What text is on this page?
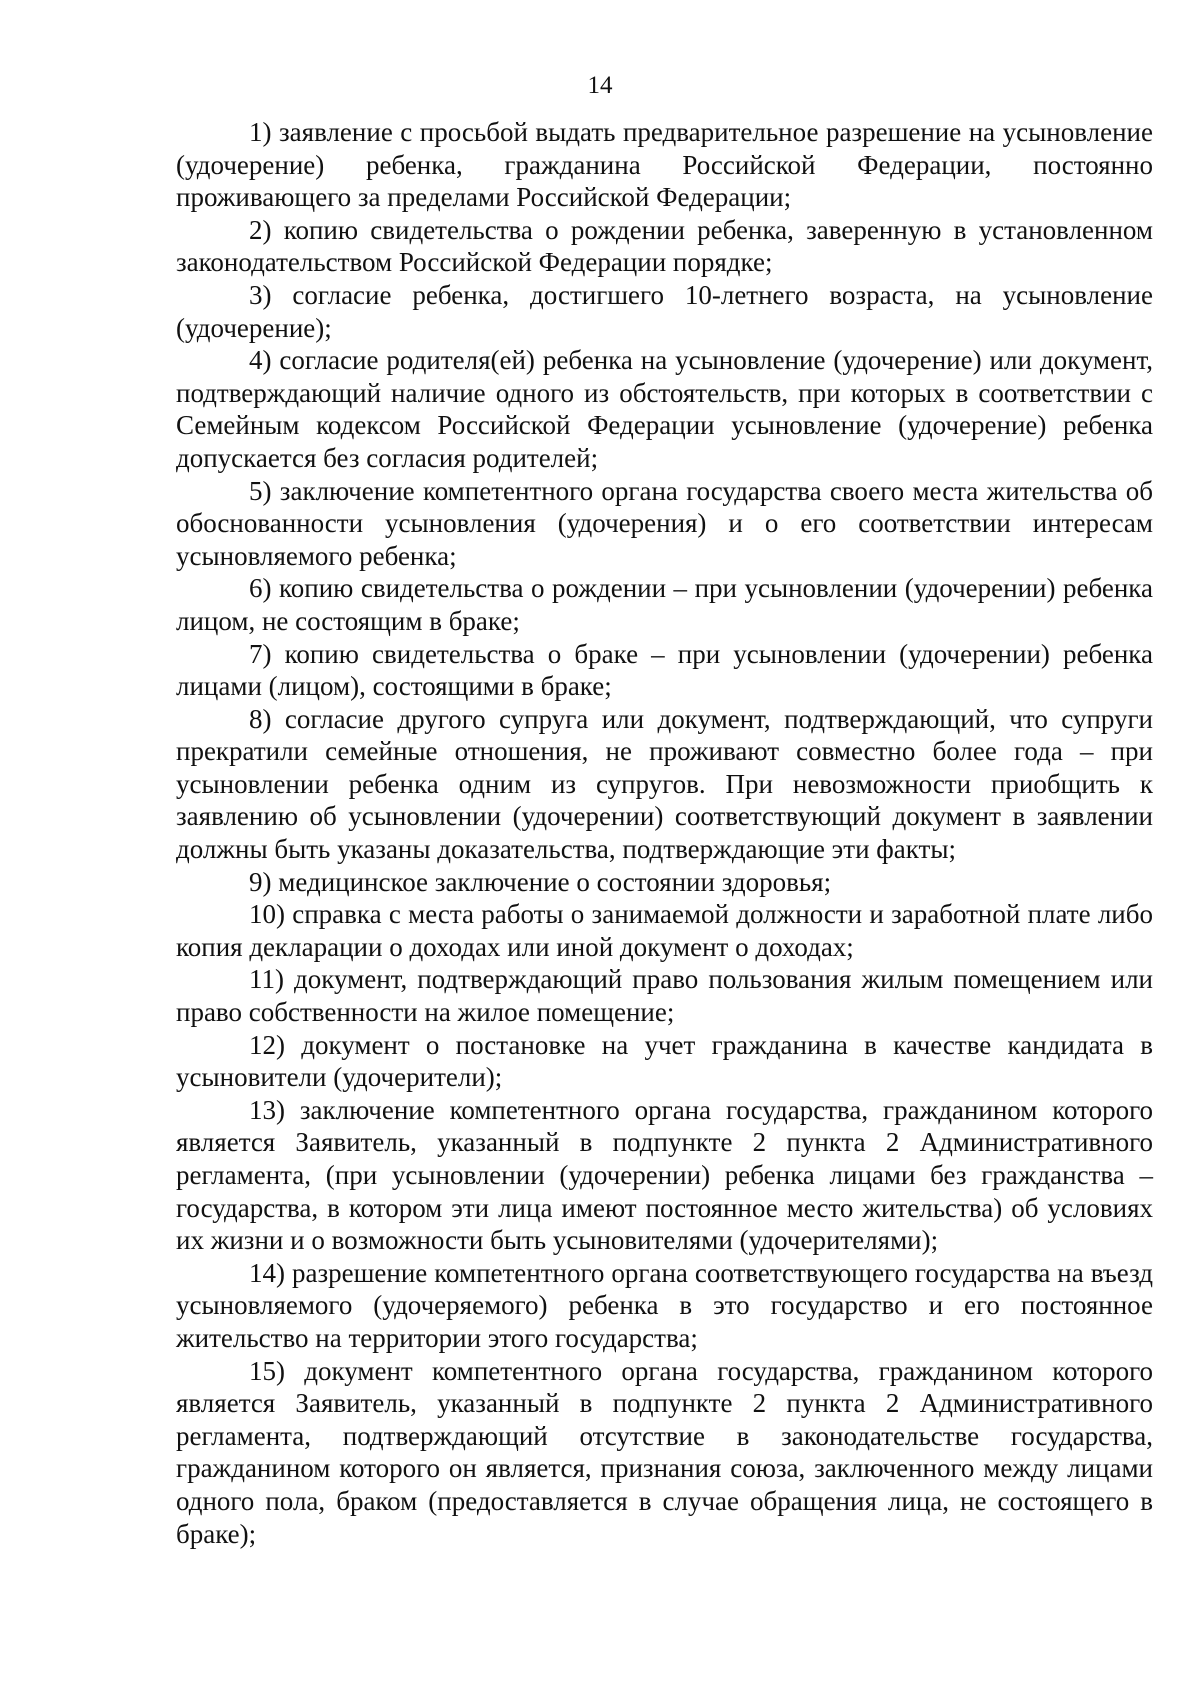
14

1) заявление с просьбой выдать предварительное разрешение на усыновление (удочерение) ребенка, гражданина Российской Федерации, постоянно проживающего за пределами Российской Федерации;

2) копию свидетельства о рождении ребенка, заверенную в установленном законодательством Российской Федерации порядке;

3) согласие ребенка, достигшего 10-летнего возраста, на усыновление (удочерение);

4) согласие родителя(ей) ребенка на усыновление (удочерение) или документ, подтверждающий наличие одного из обстоятельств, при которых в соответствии с Семейным кодексом Российской Федерации усыновление (удочерение) ребенка допускается без согласия родителей;

5) заключение компетентного органа государства своего места жительства об обоснованности усыновления (удочерения) и о его соответствии интересам усыновляемого ребенка;

6) копию свидетельства о рождении – при усыновлении (удочерении) ребенка лицом, не состоящим в браке;

7) копию свидетельства о браке – при усыновлении (удочерении) ребенка лицами (лицом), состоящими в браке;

8) согласие другого супруга или документ, подтверждающий, что супруги прекратили семейные отношения, не проживают совместно более года – при усыновлении ребенка одним из супругов. При невозможности приобщить к заявлению об усыновлении (удочерении) соответствующий документ в заявлении должны быть указаны доказательства, подтверждающие эти факты;

9) медицинское заключение о состоянии здоровья;

10) справка с места работы о занимаемой должности и заработной плате либо копия декларации о доходах или иной документ о доходах;

11) документ, подтверждающий право пользования жилым помещением или право собственности на жилое помещение;

12) документ о постановке на учет гражданина в качестве кандидата в усыновители (удочерители);

13) заключение компетентного органа государства, гражданином которого является Заявитель, указанный в подпункте 2 пункта 2 Административного регламента, (при усыновлении (удочерении) ребенка лицами без гражданства – государства, в котором эти лица имеют постоянное место жительства) об условиях их жизни и о возможности быть усыновителями (удочерителями);

14) разрешение компетентного органа соответствующего государства на въезд усыновляемого (удочеряемого) ребенка в это государство и его постоянное жительство на территории этого государства;

15) документ компетентного органа государства, гражданином которого является Заявитель, указанный в подпункте 2 пункта 2 Административного регламента, подтверждающий отсутствие в законодательстве государства, гражданином которого он является, признания союза, заключенного между лицами одного пола, браком (предоставляется в случае обращения лица, не состоящего в браке);
